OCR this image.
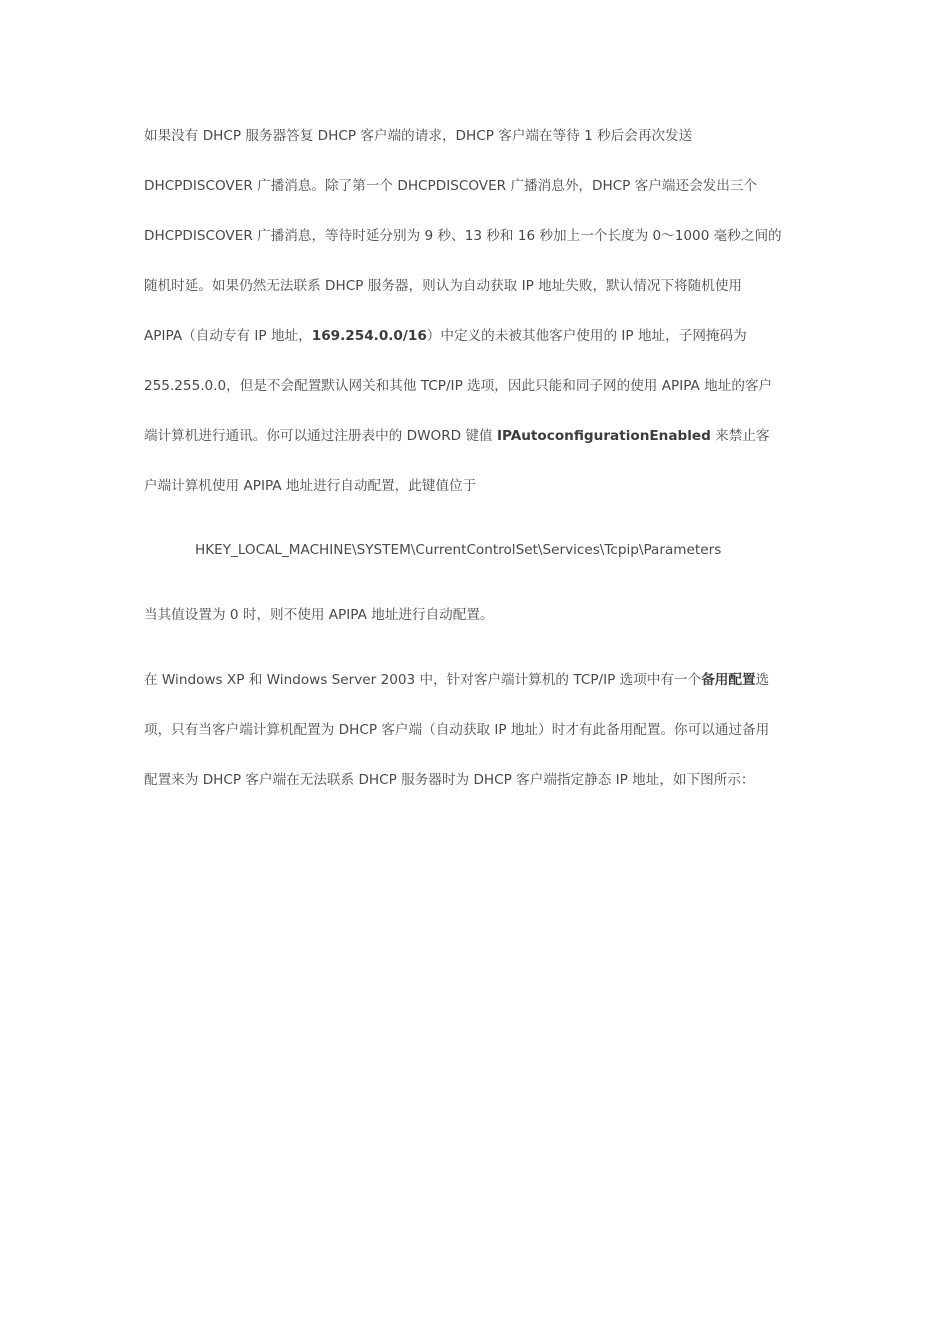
如果没有 DHCP 服务器答复 DHCP 客户端的请求，DHCP 客户端在等待 1 秒后会再次发送
DHCPDISCOVER 广播消息。除了第一个 DHCPDISCOVER 广播消息外，DHCP 客户端还会发出三个
DHCPDISCOVER 广播消息，等待时延分别为 9 秒、13 秒和 16 秒加上一个长度为 0～1000 毫秒之间的
随机时延。如果仍然无法联系 DHCP 服务器，则认为自动获取 IP 地址失败，默认情况下将随机使用
APIPA（自动专有 IP 地址，169.254.0.0/16）中定义的未被其他客户使用的 IP 地址，子网掩码为
255.255.0.0，但是不会配置默认网关和其他 TCP/IP 选项，因此只能和同子网的使用 APIPA 地址的客户
端计算机进行通讯。你可以通过注册表中的 DWORD 键值 IPAutoconfigurationEnabled 来禁止客
户端计算机使用 APIPA 地址进行自动配置，此键值位于
HKEY_LOCAL_MACHINE\SYSTEM\CurrentControlSet\Services\Tcpip\Parameters
当其值设置为 0 时，则不使用 APIPA 地址进行自动配置。
在 Windows XP 和 Windows Server 2003 中，针对客户端计算机的 TCP/IP 选项中有一个备用配置选
项，只有当客户端计算机配置为 DHCP 客户端（自动获取 IP 地址）时才有此备用配置。你可以通过备用
配置来为 DHCP 客户端在无法联系 DHCP 服务器时为 DHCP 客户端指定静态 IP 地址，如下图所示：
